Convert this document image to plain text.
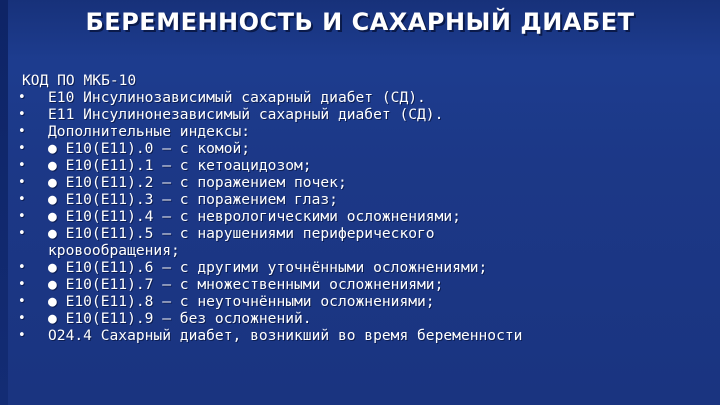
БЕРЕМЕННОСТЬ И САХАРНЫЙ ДИАБЕТ

КОД ПО МКБ-10

•

	Е10 Инсулинозависимый сахарный диабет (СД).

•

	Е11 Инсулинонезависимый сахарный диабет (СД).

•

	Дополнительные индексы:

•

	● Е10(Е11).0 — с комой;

•

	● Е10(Е11).1 — с кетоацидозом;

•

	● Е10(Е11).2 — с поражением почек;

•

	● Е10(Е11).3 — с поражением глаз;

•

	● Е10(Е11).4 — с неврологическими осложнениями;

•

	● Е10(Е11).5 — с нарушениями периферического

кровообращения;

•

	● Е10(Е11).6 — с другими уточнёнными осложнениями;

•

	● Е10(Е11).7 — с множественными осложнениями;

•

	● Е10(Е11).8 — с неуточнёнными осложнениями;

•

	● Е10(Е11).9 — без осложнений.

•

	O24.4 Сахарный диабет, возникший во время беременности
